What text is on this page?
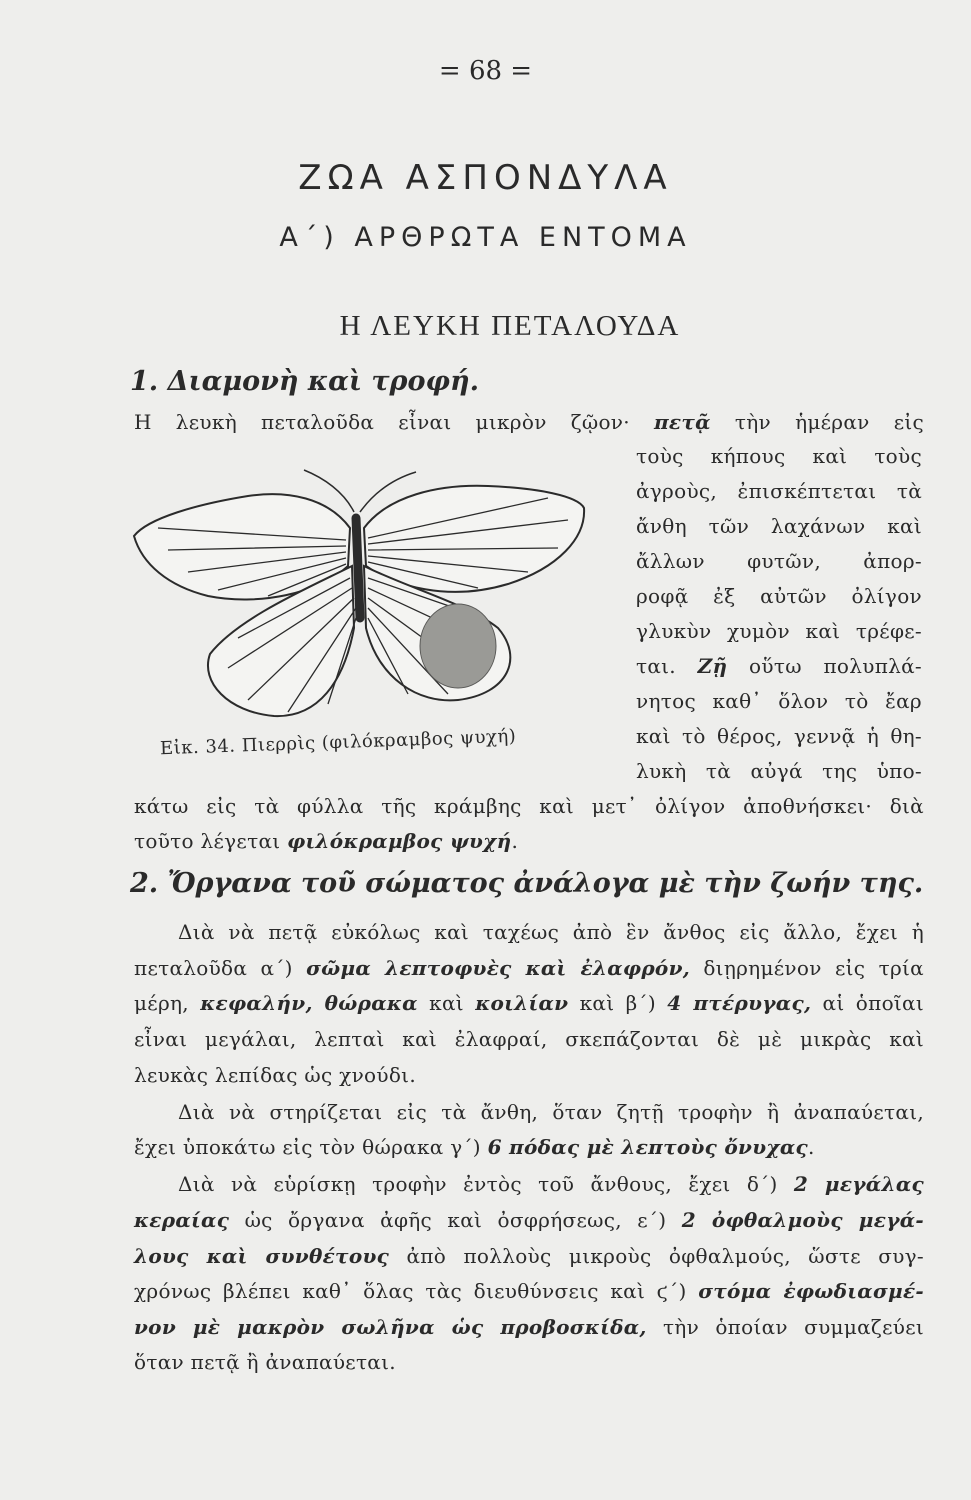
= 68 =
ΖΩΑ ΑΣΠΟΝΔΥΛΑ
Α΄) ΑΡΘΡΩΤΑ ΕΝΤΟΜΑ
Η ΛΕΥΚΗ ΠΕΤΑΛΟΥΔΑ
1. Διαμονὴ καὶ τροφή.
Η λευκὴ πεταλοῦδα εἶναι μικρὸν ζῷον· πετᾷ τὴν ἡμέραν εἰς
τοὺς κήπους καὶ τοὺς
ἀγροὺς, ἐπισκέπτεται τὰ
ἄνθη τῶν λαχάνων καὶ
ἄλλων φυτῶν, ἀπορ-
ροφᾷ ἐξ αὐτῶν ὀλίγον
γλυκὺν χυμὸν καὶ τρέφε-
ται. Ζῇ οὕτω πολυπλά-
νητος καθ᾿ ὅλον τὸ ἔαρ
καὶ τὸ θέρος, γεννᾷ ἡ θη-
λυκὴ τὰ αὐγά της ὑπο-
Εἰκ. 34. Πιερρὶς (φιλόκραμβος ψυχή)
κάτω εἰς τὰ φύλλα τῆς κράμβης καὶ μετ᾿ ὀλίγον ἀποθνήσκει· διὰ
τοῦτο λέγεται φιλόκραμβος ψυχή.
2. Ὄργανα τοῦ σώματος ἀνάλογα μὲ τὴν ζωήν της.
Διὰ νὰ πετᾷ εὐκόλως καὶ ταχέως ἀπὸ ἓν ἄνθος εἰς ἄλλο, ἔχει ἡ
πεταλοῦδα α΄) σῶμα λεπτοφυὲς καὶ ἐλαφρόν, διῃρημένον εἰς τρία
μέρη, κεφαλήν, θώρακα καὶ κοιλίαν καὶ β΄) 4 πτέρυγας, αἱ ὁποῖαι
εἶναι μεγάλαι, λεπταὶ καὶ ἐλαφραί, σκεπάζονται δὲ μὲ μικρὰς καὶ
λευκὰς λεπίδας ὡς χνούδι.
Διὰ νὰ στηρίζεται εἰς τὰ ἄνθη, ὅταν ζητῇ τροφὴν ἢ ἀναπαύεται,
ἔχει ὑποκάτω εἰς τὸν θώρακα γ΄) 6 πόδας μὲ λεπτοὺς ὄνυχας.
Διὰ νὰ εὑρίσκῃ τροφὴν ἐντὸς τοῦ ἄνθους, ἔχει δ΄) 2 μεγάλας
κεραίας ὡς ὄργανα ἀφῆς καὶ ὀσφρήσεως, ε΄) 2 ὀφθαλμοὺς μεγά-
λους καὶ συνθέτους ἀπὸ πολλοὺς μικροὺς ὀφθαλμούς, ὥστε συγ-
χρόνως βλέπει καθ᾿ ὅλας τὰς διευθύνσεις καὶ ϛ΄) στόμα ἐφωδιασμέ-
νον μὲ μακρὸν σωλῆνα ὡς προβοσκίδα, τὴν ὁποίαν συμμαζεύει
ὅταν πετᾷ ἢ ἀναπαύεται.
